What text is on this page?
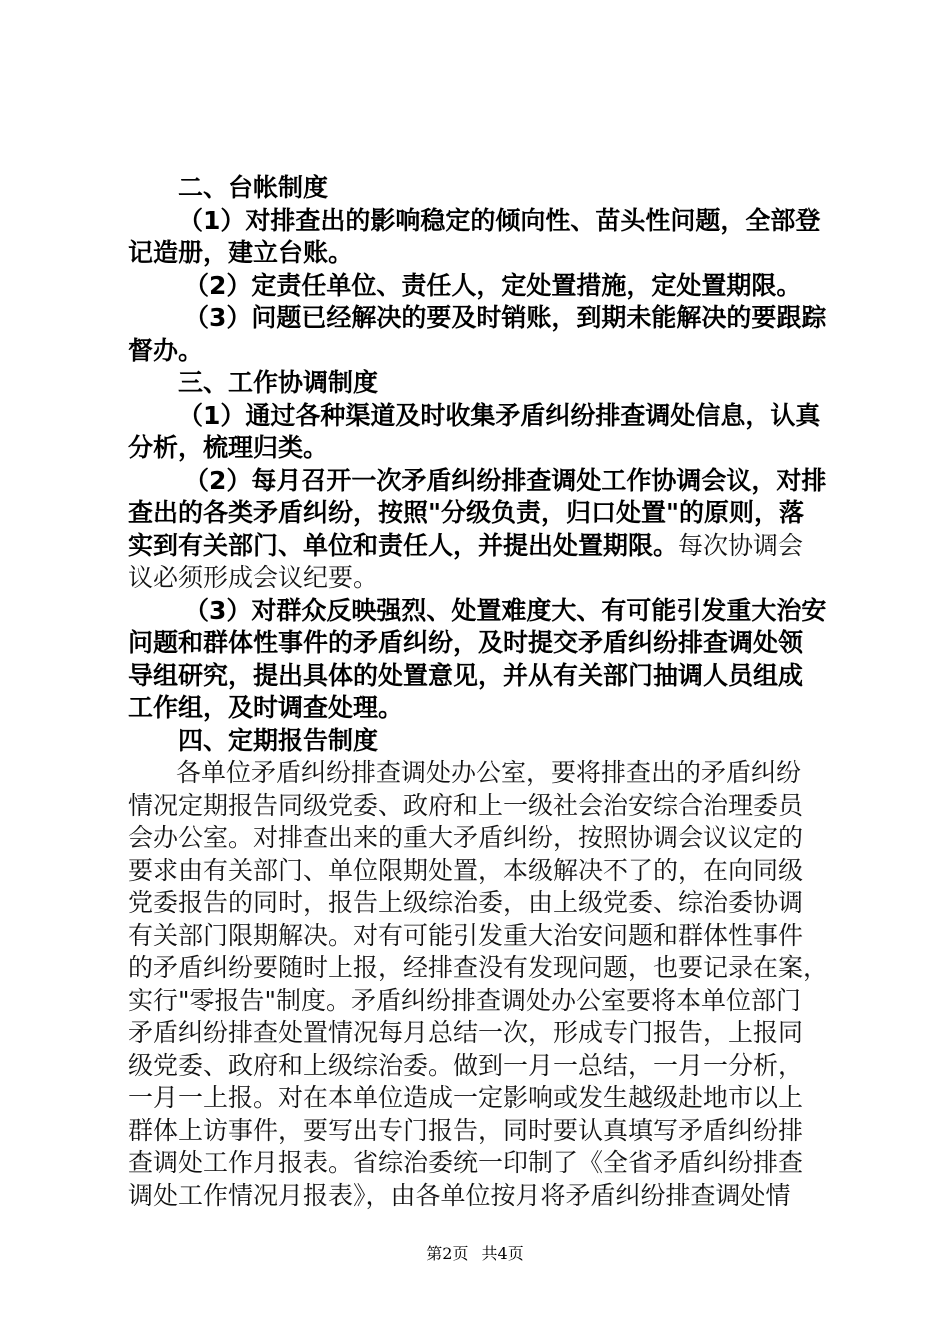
二、台帐制度
（1）对排查出的影响稳定的倾向性、苗头性问题，全部登
记造册，建立台账。
（2）定责任单位、责任人，定处置措施，定处置期限。
（3）问题已经解决的要及时销账，到期未能解决的要跟踪
督办。
三、工作协调制度
（1）通过各种渠道及时收集矛盾纠纷排查调处信息，认真
分析，梳理归类。
（2）每月召开一次矛盾纠纷排查调处工作协调会议，对排
查出的各类矛盾纠纷，按照"分级负责，归口处置"的原则，落
实到有关部门、单位和责任人，并提出处置期限。每次协调会
议必须形成会议纪要。
（3）对群众反映强烈、处置难度大、有可能引发重大治安
问题和群体性事件的矛盾纠纷，及时提交矛盾纠纷排查调处领
导组研究，提出具体的处置意见，并从有关部门抽调人员组成
工作组，及时调查处理。
四、定期报告制度
各单位矛盾纠纷排查调处办公室，要将排查出的矛盾纠纷
情况定期报告同级党委、政府和上一级社会治安综合治理委员
会办公室。对排查出来的重大矛盾纠纷，按照协调会议议定的
要求由有关部门、单位限期处置，本级解决不了的，在向同级
党委报告的同时，报告上级综治委，由上级党委、综治委协调
有关部门限期解决。对有可能引发重大治安问题和群体性事件
的矛盾纠纷要随时上报，经排查没有发现问题，也要记录在案，
实行"零报告"制度。矛盾纠纷排查调处办公室要将本单位部门
矛盾纠纷排查处置情况每月总结一次，形成专门报告，上报同
级党委、政府和上级综治委。做到一月一总结，一月一分析，
一月一上报。对在本单位造成一定影响或发生越级赴地市以上
群体上访事件，要写出专门报告，同时要认真填写矛盾纠纷排
查调处工作月报表。省综治委统一印制了《全省矛盾纠纷排查
调处工作情况月报表》，由各单位按月将矛盾纠纷排查调处情
第2页 共4页
